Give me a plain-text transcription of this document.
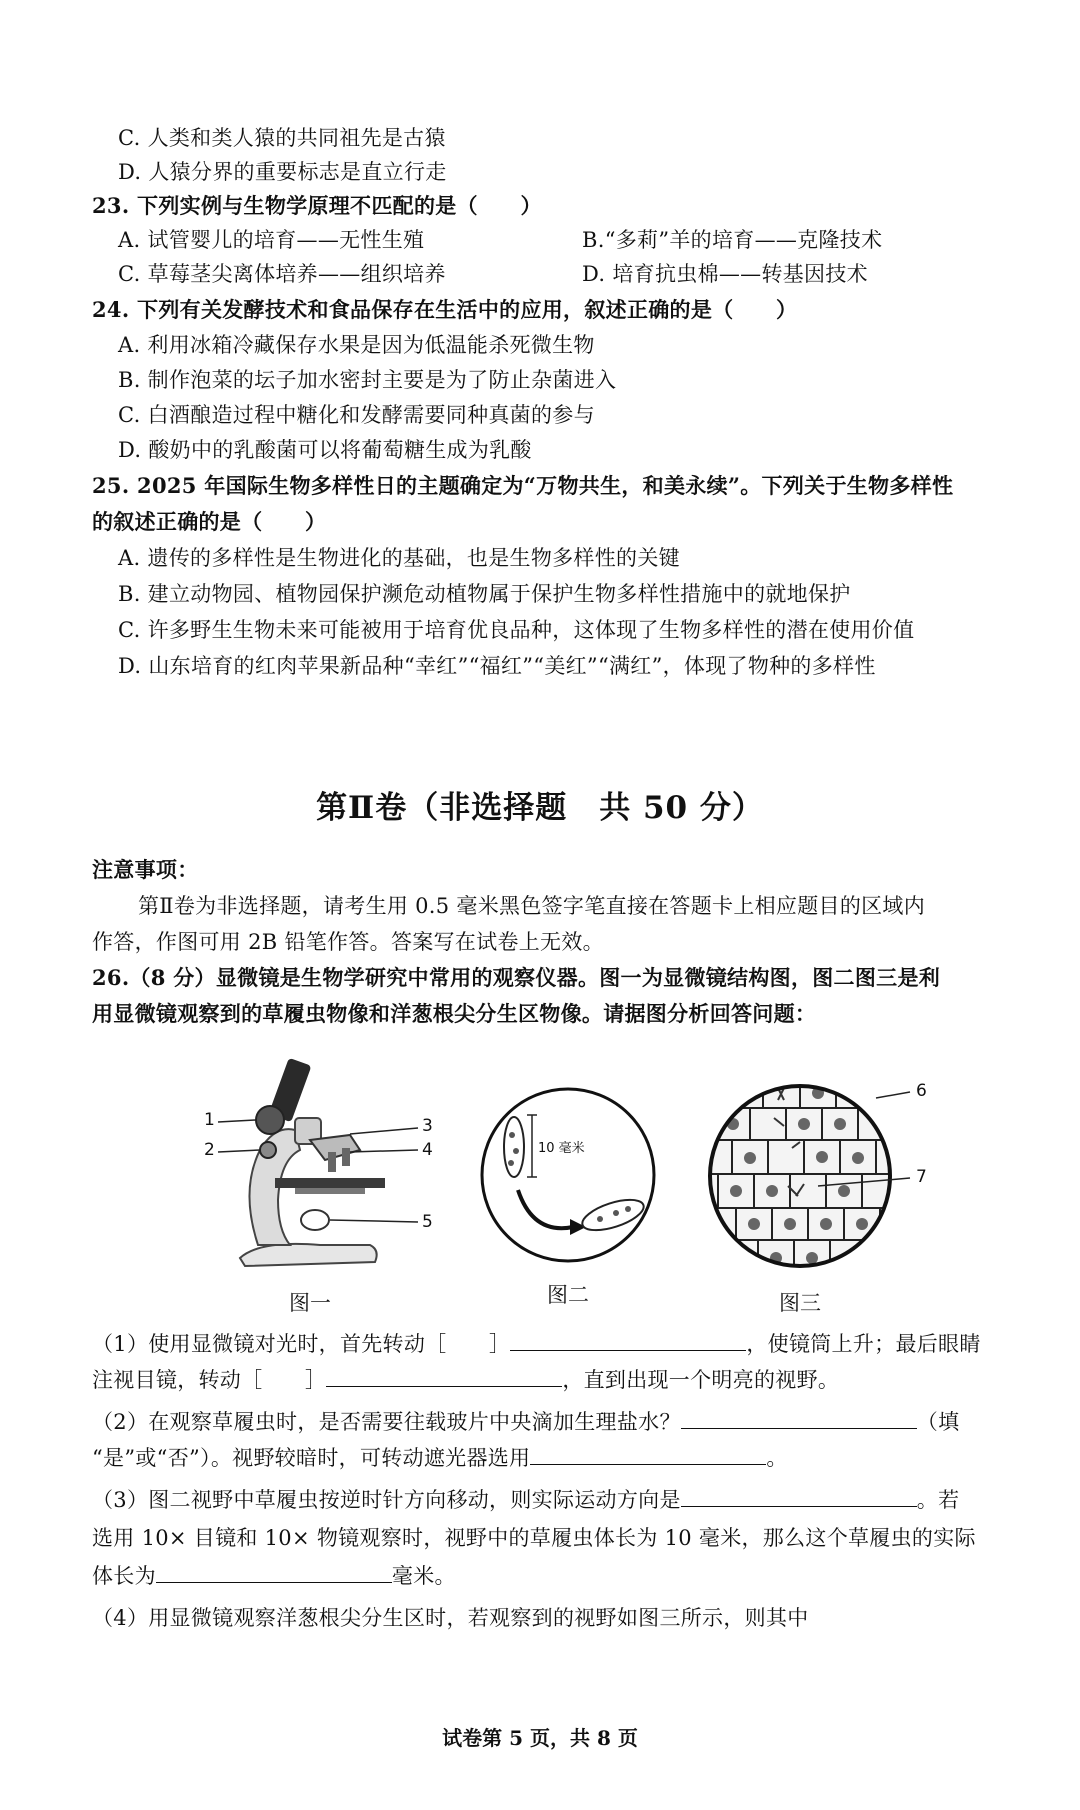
C. 人类和类人猿的共同祖先是古猿
D. 人猿分界的重要标志是直立行走
23. 下列实例与生物学原理不匹配的是（　　）
A. 试管婴儿的培育——无性生殖	B.“多莉”羊的培育——克隆技术
C. 草莓茎尖离体培养——组织培养	D. 培育抗虫棉——转基因技术
24. 下列有关发酵技术和食品保存在生活中的应用，叙述正确的是（　　）
A. 利用冰箱冷藏保存水果是因为低温能杀死微生物
B. 制作泡菜的坛子加水密封主要是为了防止杂菌进入
C. 白酒酿造过程中糖化和发酵需要同种真菌的参与
D. 酸奶中的乳酸菌可以将葡萄糖生成为乳酸
25. 2025 年国际生物多样性日的主题确定为“万物共生，和美永续”。下列关于生物多样性
的叙述正确的是（　　）
A. 遗传的多样性是生物进化的基础，也是生物多样性的关键
B. 建立动物园、植物园保护濒危动植物属于保护生物多样性措施中的就地保护
C. 许多野生生物未来可能被用于培育优良品种，这体现了生物多样性的潜在使用价值
D. 山东培育的红肉苹果新品种“幸红”“福红”“美红”“满红”，体现了物种的多样性
第Ⅱ卷（非选择题　共 50 分）
注意事项：
第Ⅱ卷为非选择题，请考生用 0.5 毫米黑色签字笔直接在答题卡上相应题目的区域内
作答，作图可用 2B 铅笔作答。答案写在试卷上无效。
26.（8 分）显微镜是生物学研究中常用的观察仪器。图一为显微镜结构图，图二图三是利
用显微镜观察到的草履虫物像和洋葱根尖分生区物像。请据图分析回答问题：
1
2
3
4
5
图一
10 毫米
图二
6
7
图三
（1）使用显微镜对光时，首先转动［　　］	，使镜筒上升；最后眼睛
注视目镜，转动［　　］	，直到出现一个明亮的视野。
（2）在观察草履虫时，是否需要往载玻片中央滴加生理盐水？	（填
“是”或“否”）。视野较暗时，可转动遮光器选用	。
（3）图二视野中草履虫按逆时针方向移动，则实际运动方向是	。若
选用 10× 目镜和 10× 物镜观察时，视野中的草履虫体长为 10 毫米，那么这个草履虫的实际
体长为	毫米。
（4）用显微镜观察洋葱根尖分生区时，若观察到的视野如图三所示，则其中
试卷第 5 页，共 8 页
